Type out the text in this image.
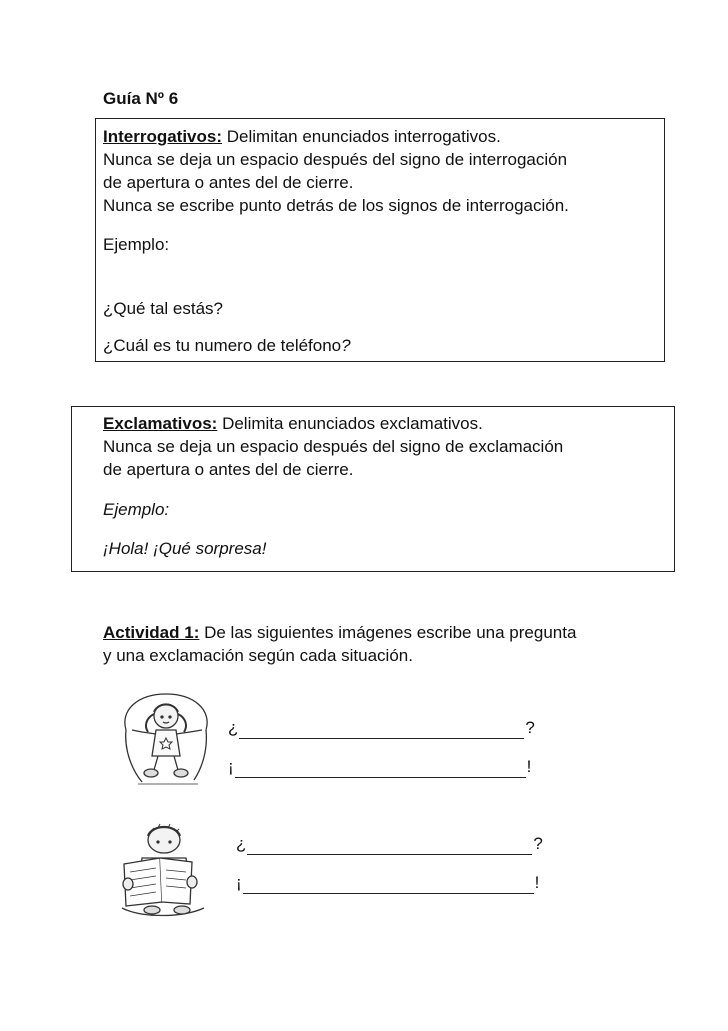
Guía Nº 6
Interrogativos: Delimitan enunciados interrogativos.
Nunca se deja un espacio después del signo de interrogación
de apertura o antes del de cierre.
Nunca se escribe punto detrás de los signos de interrogación.
Ejemplo:
¿Qué tal estás?
¿Cuál es tu numero de teléfono?
Exclamativos: Delimita enunciados exclamativos.
Nunca se deja un espacio después del signo de exclamación
de apertura o antes del de cierre.
Ejemplo:
¡Hola! ¡Qué sorpresa!
Actividad 1: De las siguientes imágenes escribe una pregunta
y una exclamación según cada situación.
¿	?
¡	!
¿	?
¡	!
